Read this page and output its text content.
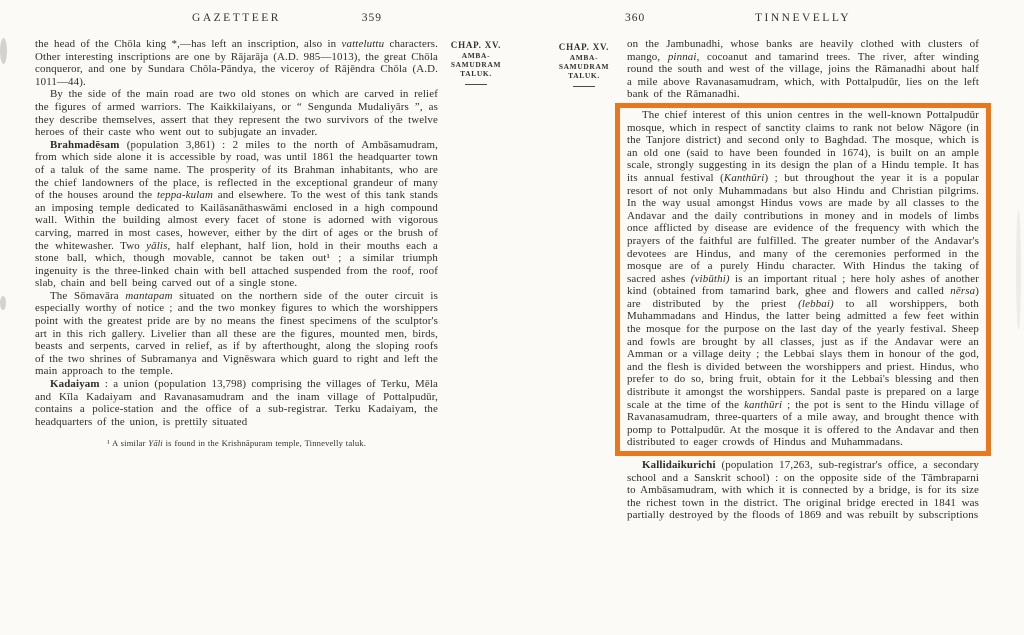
GAZETTEER	359
CHAP. XV.
AMBA-
SAMUDRAM
TALUK.

the head of the Chōla king *,—has left an inscription, also in vatteluttu characters. Other interesting inscriptions are one by Rājarāja (A.D. 985—1013), the great Chōla conqueror, and one by Sundara Chōla-Pāndya, the viceroy of Rājēndra Chōla (A.D. 1011—44).

By the side of the main road are two old stones on which are carved in relief the figures of armed warriors. The Kaikkilaiyans, or “ Sengunda Mudaliyārs ”, as they describe themselves, assert that they represent the two survivors of the twelve heroes of their caste who went out to subjugate an invader.

Brahmadēsam (population 3,861) : 2 miles to the north of Ambāsamudram, from which side alone it is accessible by road, was until 1861 the headquarter town of a taluk of the same name. The prosperity of its Brahman inhabitants, who are the chief landowners of the place, is reflected in the exceptional grandeur of many of the houses around the teppa-kulam and elsewhere. To the west of this tank stands an imposing temple dedicated to Kailāsanāthaswāmi enclosed in a high compound wall. Within the building almost every facet of stone is adorned with vigorous carving, marred in most cases, however, either by the dirt of ages or the brush of the whitewasher. Two yālis, half elephant, half lion, hold in their mouths each a stone ball, which, though movable, cannot be taken out¹ ; a similar triumph ingenuity is the three-linked chain with bell attached suspended from the roof, roof slab, chain and bell being carved out of a single stone.

The Sōmavāra mantapam situated on the northern side of the outer circuit is especially worthy of notice ; and the two monkey figures to which the worshippers point with the greatest pride are by no means the finest specimens of the sculptor's art in this rich gallery. Livelier than all these are the figures, mounted men, birds, beasts and serpents, carved in relief, as if by afterthought, along the sloping roofs of the two shrines of Subramanya and Vignēswara which guard to right and left the main approach to the temple.

Kadaiyam : a union (population 13,798) comprising the villages of Terku, Mēla and Kīla Kadaiyam and Ravanasamudram and the inam village of Pottalpudūr, contains a police-station and the office of a sub-registrar. Terku Kadaiyam, the headquarters of the union, is prettily situated

¹ A similar Yāli is found in the Krishnāpuram temple, Tinnevelly taluk.
360	TINNEVELLY
CHAP. XV.
AMBA-
SAMUDRAM
TALUK.

on the Jambunadhi, whose banks are heavily clothed with clusters of mango, pinnai, cocoanut and tamarind trees. The river, after winding round the south and west of the village, joins the Rāmanadhi about half a mile above Ravanasamudram, which, with Pottalpudūr, lies on the left bank of the Rāmanadhi.

The chief interest of this union centres in the well-known Pottalpudūr mosque, which in respect of sanctity claims to rank not below Nāgore (in the Tanjore district) and second only to Baghdad. The mosque, which is an old one (said to have been founded in 1674), is built on an ample scale, strongly suggesting in its design the plan of a Hindu temple. It has its annual festival (Kanthūri) ; but throughout the year it is a popular resort of not only Muhammadans but also Hindu and Christian pilgrims. In the way usual amongst Hindus vows are made by all classes to the Andavar and the daily contributions in money and in models of limbs once afflicted by disease are evidence of the frequency with which the prayers of the faithful are fulfilled. The greater number of the Andavar's devotees are Hindus, and many of the ceremonies performed in the mosque are of a purely Hindu character. With Hindus the taking of sacred ashes (vibūthi) is an important ritual ; here holy ashes of another kind (obtained from tamarind bark, ghee and flowers and called nērsa) are distributed by the priest (lebbai) to all worshippers, both Muhammadans and Hindus, the latter being admitted a few feet within the mosque for the purpose on the last day of the yearly festival. Sheep and fowls are brought by all classes, just as if the Andavar were an Amman or a village deity ; the Lebbai slays them in honour of the god, and the flesh is divided between the worshippers and priest. Hindus, who prefer to do so, bring fruit, obtain for it the Lebbai's blessing and then distribute it amongst the worshippers. Sandal paste is prepared on a large scale at the time of the kanthūri ; the pot is sent to the Hindu village of Ravanasamudram, three-quarters of a mile away, and brought thence with pomp to Pottalpudūr. At the mosque it is offered to the Andavar and then distributed to eager crowds of Hindus and Muhammadans.

Kallidaikurichi (population 17,263, sub-registrar's office, a secondary school and a Sanskrit school) : on the opposite side of the Tāmbraparni to Ambāsamudram, with which it is connected by a bridge, is for its size the richest town in the district. The original bridge erected in 1841 was partially destroyed by the floods of 1869 and was rebuilt by subscriptions
